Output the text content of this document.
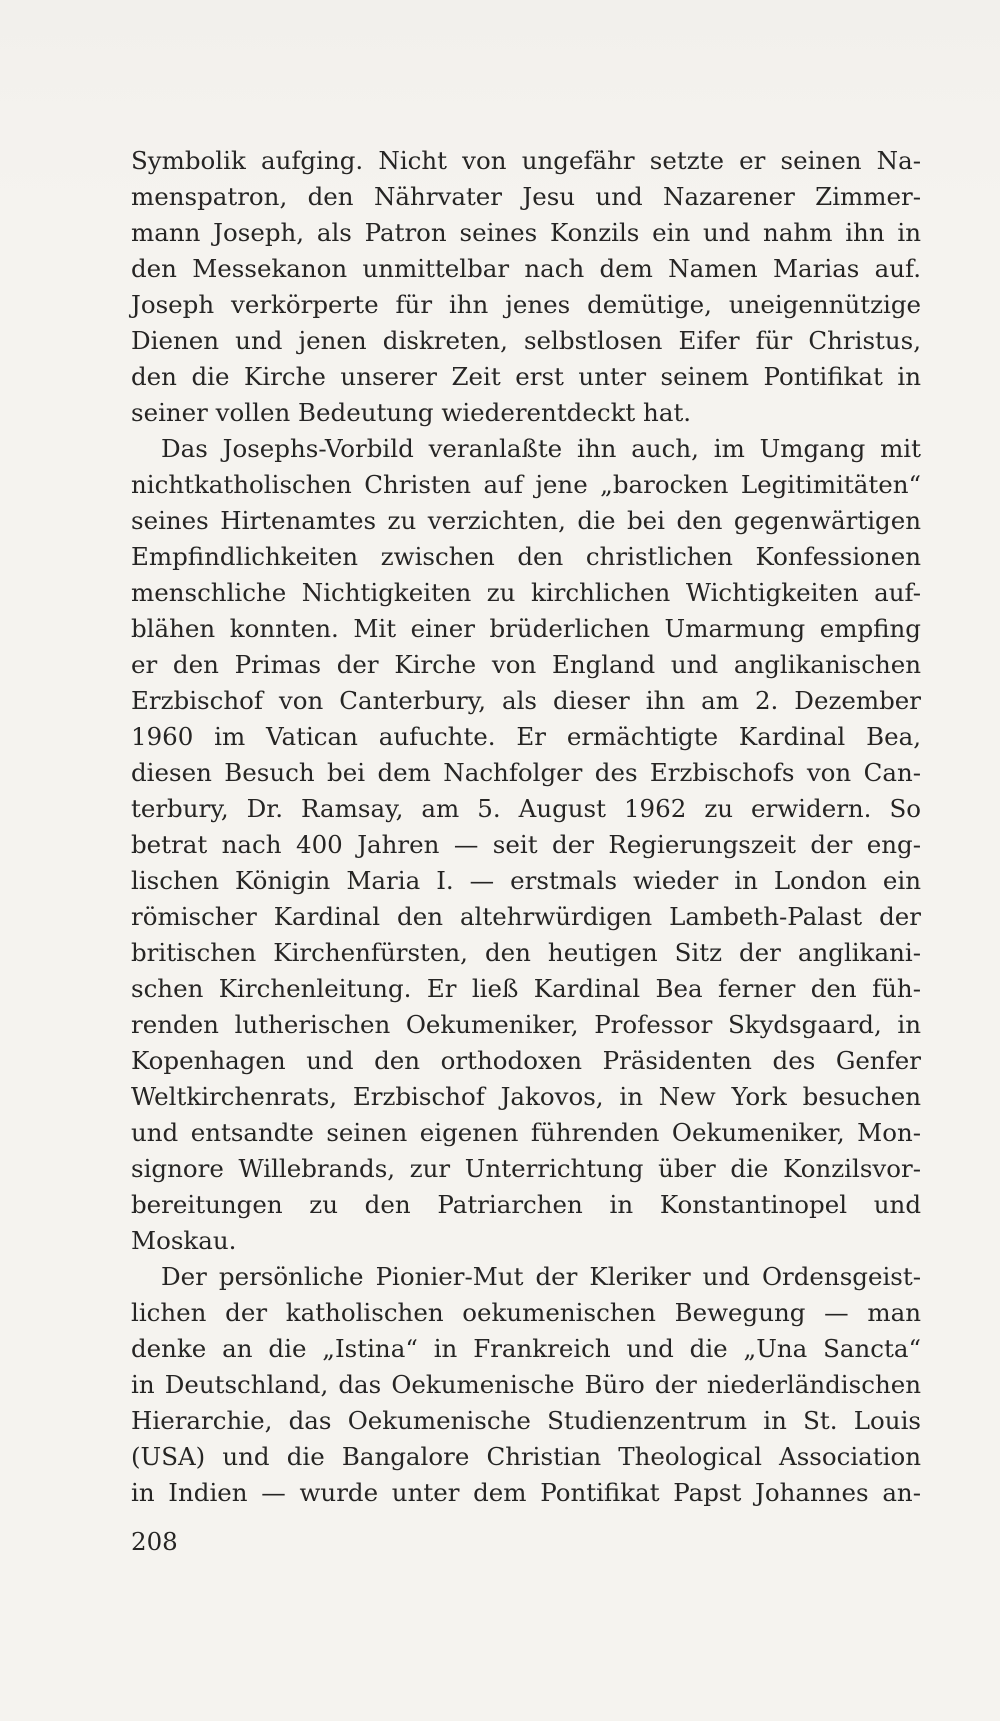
Symbolik aufging. Nicht von ungefähr setzte er seinen Na-
menspatron, den Nährvater Jesu und Nazarener Zimmer-
mann Joseph, als Patron seines Konzils ein und nahm ihn in
den Messekanon unmittelbar nach dem Namen Marias auf.
Joseph verkörperte für ihn jenes demütige, uneigennützige
Dienen und jenen diskreten, selbstlosen Eifer für Christus,
den die Kirche unserer Zeit erst unter seinem Pontifikat in
seiner vollen Bedeutung wiederentdeckt hat.
Das Josephs-Vorbild veranlaßte ihn auch, im Umgang mit
nichtkatholischen Christen auf jene „barocken Legitimitäten“
seines Hirtenamtes zu verzichten, die bei den gegenwärtigen
Empfindlichkeiten zwischen den christlichen Konfessionen
menschliche Nichtigkeiten zu kirchlichen Wichtigkeiten auf-
blähen konnten. Mit einer brüderlichen Umarmung empfing
er den Primas der Kirche von England und anglikanischen
Erzbischof von Canterbury, als dieser ihn am 2. Dezember
1960 im Vatican aufuchte. Er ermächtigte Kardinal Bea,
diesen Besuch bei dem Nachfolger des Erzbischofs von Can-
terbury, Dr. Ramsay, am 5. August 1962 zu erwidern. So
betrat nach 400 Jahren — seit der Regierungszeit der eng-
lischen Königin Maria I. — erstmals wieder in London ein
römischer Kardinal den altehrwürdigen Lambeth-Palast der
britischen Kirchenfürsten, den heutigen Sitz der anglikani-
schen Kirchenleitung. Er ließ Kardinal Bea ferner den füh-
renden lutherischen Oekumeniker, Professor Skydsgaard, in
Kopenhagen und den orthodoxen Präsidenten des Genfer
Weltkirchenrats, Erzbischof Jakovos, in New York besuchen
und entsandte seinen eigenen führenden Oekumeniker, Mon-
signore Willebrands, zur Unterrichtung über die Konzilsvor-
bereitungen zu den Patriarchen in Konstantinopel und
Moskau.
Der persönliche Pionier-Mut der Kleriker und Ordensgeist-
lichen der katholischen oekumenischen Bewegung — man
denke an die „Istina“ in Frankreich und die „Una Sancta“
in Deutschland, das Oekumenische Büro der niederländischen
Hierarchie, das Oekumenische Studienzentrum in St. Louis
(USA) und die Bangalore Christian Theological Association
in Indien — wurde unter dem Pontifikat Papst Johannes an-
208
